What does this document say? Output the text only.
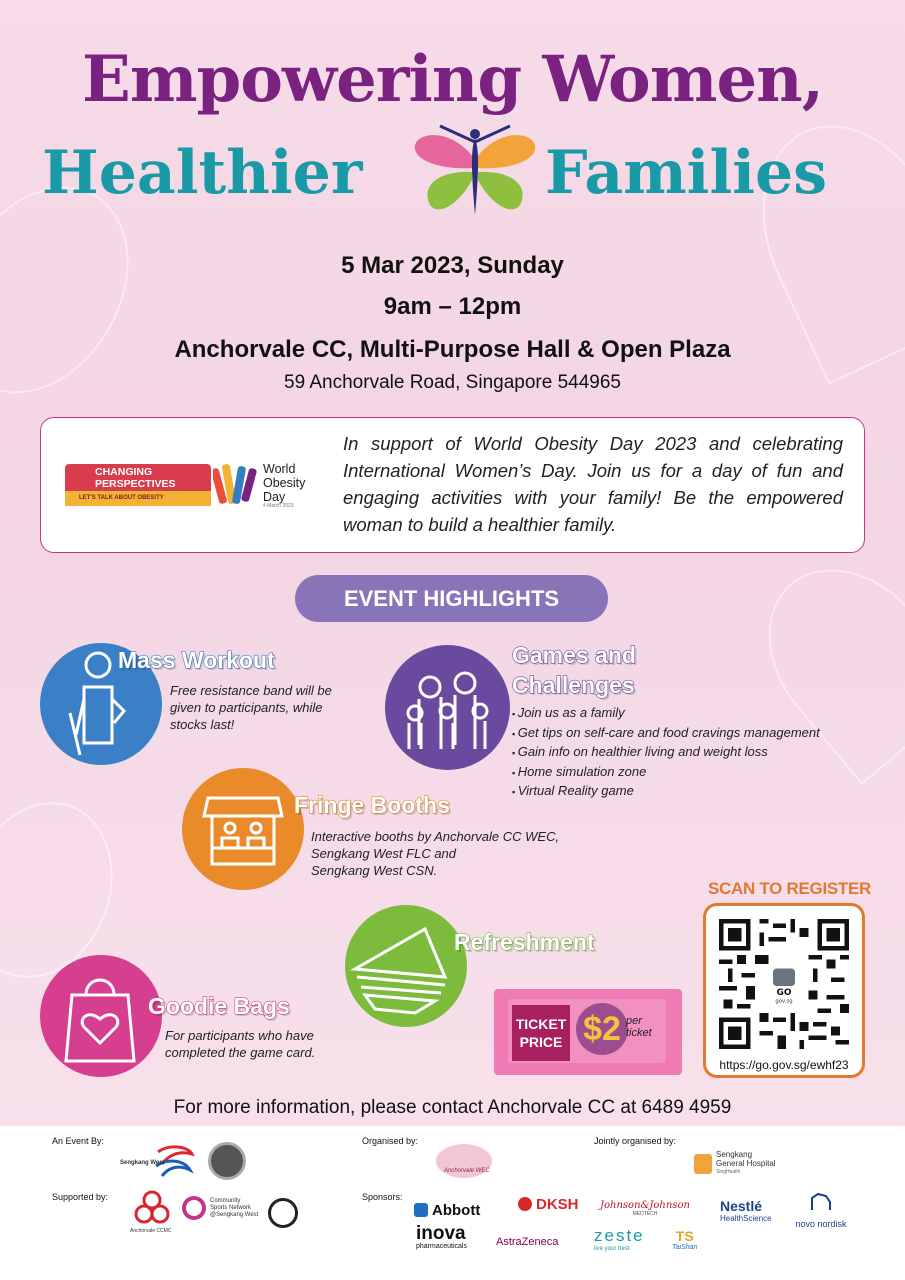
Empowering Women,
Healthier	Families
5 Mar 2023, Sunday
9am – 12pm
Anchorvale CC, Multi-Purpose Hall & Open Plaza
59 Anchorvale Road, Singapore 544965
CHANGING
PERSPECTIVES
LET'S TALK ABOUT OBESITY
World
Obesity
Day
4 March 2023
In support of World Obesity Day 2023 and celebrating International Women’s Day. Join us for a day of fun and engaging activities with your family! Be the empowered woman to build a healthier family.
EVENT HIGHLIGHTS
Mass Workout
Free resistance band will be given to participants, while stocks last!
Games and
Challenges
▪ Join us as a family
▪ Get tips on self-care and food cravings management
▪ Gain info on healthier living and weight loss
▪ Home simulation zone
▪ Virtual Reality game
Fringe Booths
Interactive booths by Anchorvale CC WEC,
Sengkang West FLC and
Sengkang West CSN.
Refreshment
TICKET
PRICE $2 per
ticket
Goodie Bags
For participants who have
completed the game card.
SCAN TO REGISTER
GO
gov.sg
https://go.gov.sg/ewhf23
For more information, please contact Anchorvale CC at 6489 4959
An Event By:	Organised by:	Jointly organised by:
Supported by:	Sponsors:
Sengkang West
Anchorvale WEC
Sengkang
General Hospital
SingHealth
Anchorvale CCMC
Community
Sports Network
@Sengkang West	Abbott	DKSH Johnson&Johnson
MEDTECH	Nestlé
HealthScience
novo nordisk
inova
pharmaceuticals	AstraZeneca zeste
live your best
TS
TaiShan
